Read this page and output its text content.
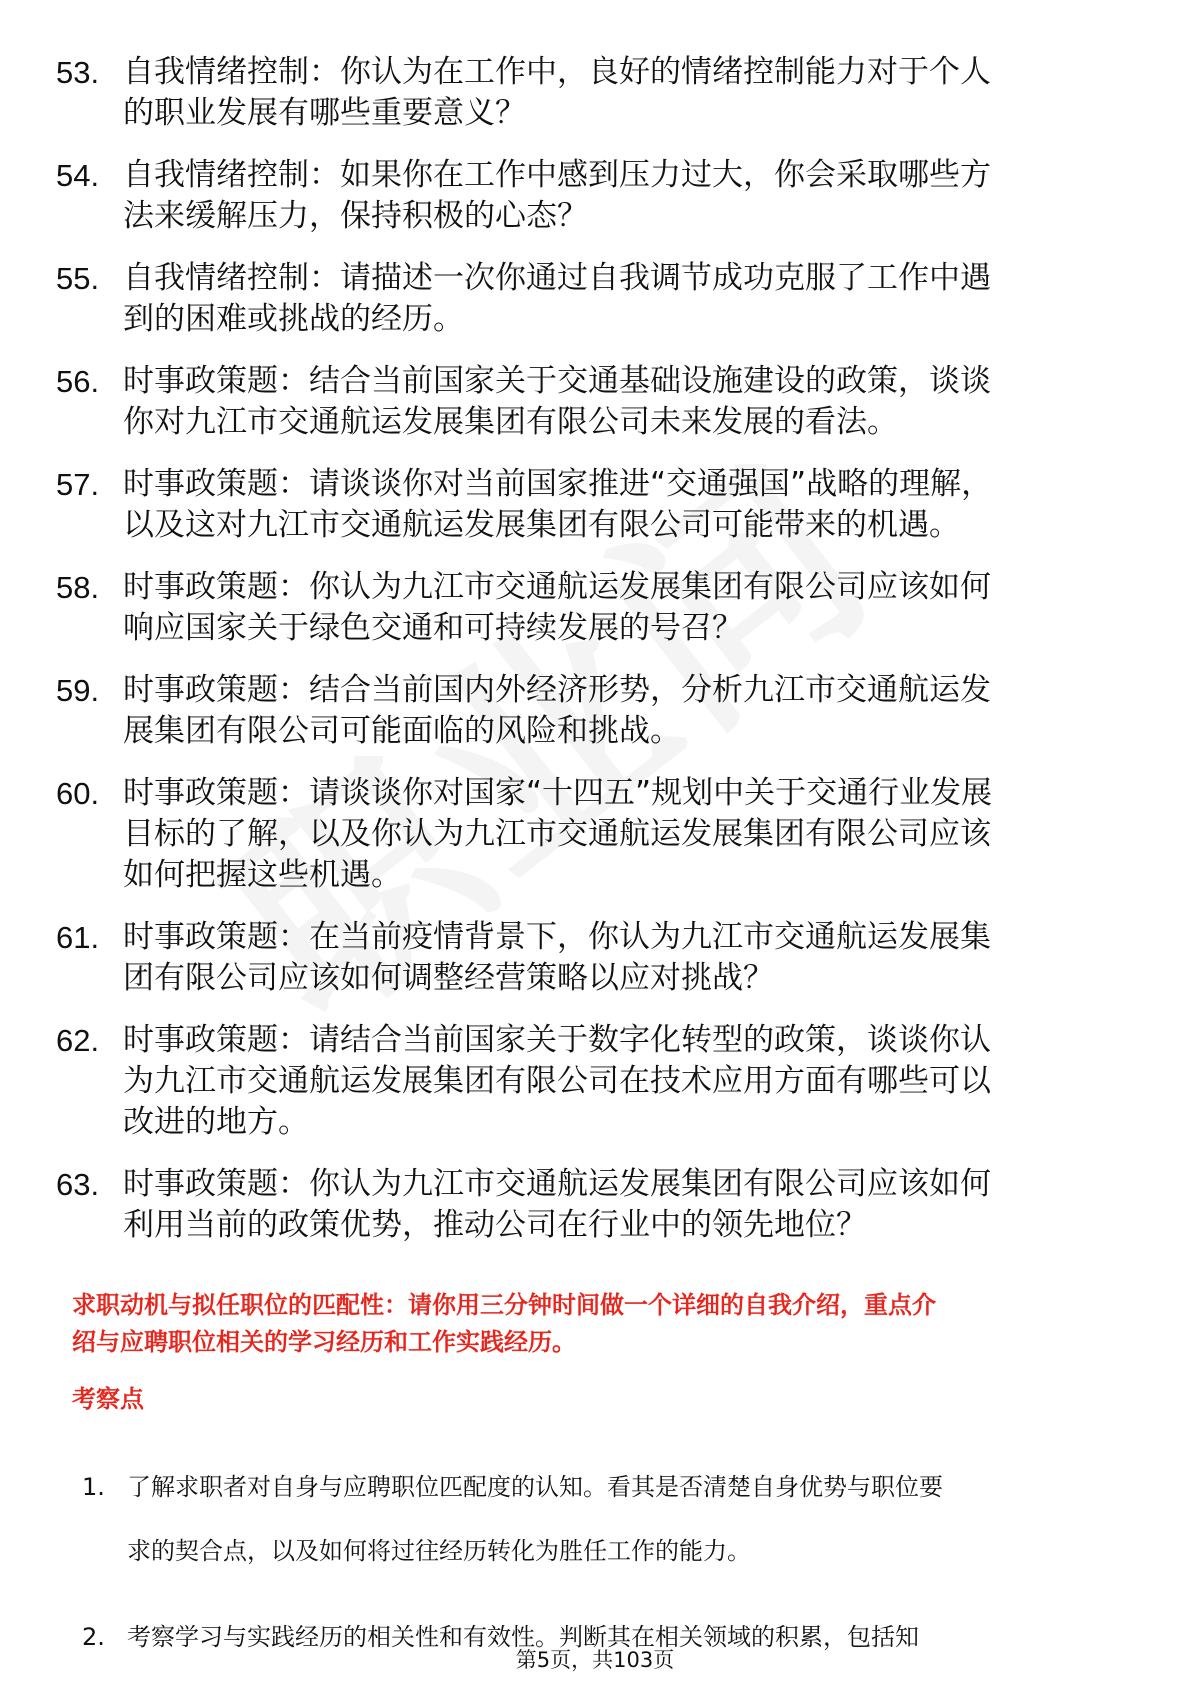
53. 自我情绪控制：你认为在工作中，良好的情绪控制能力对于个人
的职业发展有哪些重要意义？
54. 自我情绪控制：如果你在工作中感到压力过大，你会采取哪些方
法来缓解压力，保持积极的心态？
55. 自我情绪控制：请描述一次你通过自我调节成功克服了工作中遇
到的困难或挑战的经历。
56. 时事政策题：结合当前国家关于交通基础设施建设的政策，谈谈
你对九江市交通航运发展集团有限公司未来发展的看法。
57. 时事政策题：请谈谈你对当前国家推进“交通强国”战略的理解，
以及这对九江市交通航运发展集团有限公司可能带来的机遇。
58. 时事政策题：你认为九江市交通航运发展集团有限公司应该如何
响应国家关于绿色交通和可持续发展的号召？
59. 时事政策题：结合当前国内外经济形势，分析九江市交通航运发
展集团有限公司可能面临的风险和挑战。
60. 时事政策题：请谈谈你对国家“十四五”规划中关于交通行业发展
目标的了解，以及你认为九江市交通航运发展集团有限公司应该
如何把握这些机遇。
61. 时事政策题：在当前疫情背景下，你认为九江市交通航运发展集
团有限公司应该如何调整经营策略以应对挑战？
62. 时事政策题：请结合当前国家关于数字化转型的政策，谈谈你认
为九江市交通航运发展集团有限公司在技术应用方面有哪些可以
改进的地方。
63. 时事政策题：你认为九江市交通航运发展集团有限公司应该如何
利用当前的政策优势，推动公司在行业中的领先地位？
求职动机与拟任职位的匹配性：请你用三分钟时间做一个详细的自我介绍，重点介
绍与应聘职位相关的学习经历和工作实践经历。
考察点
1. 了解求职者对自身与应聘职位匹配度的认知。看其是否清楚自身优势与职位要
求的契合点，以及如何将过往经历转化为胜任工作的能力。
2. 考察学习与实践经历的相关性和有效性。判断其在相关领域的积累，包括知
第5页，共103页
